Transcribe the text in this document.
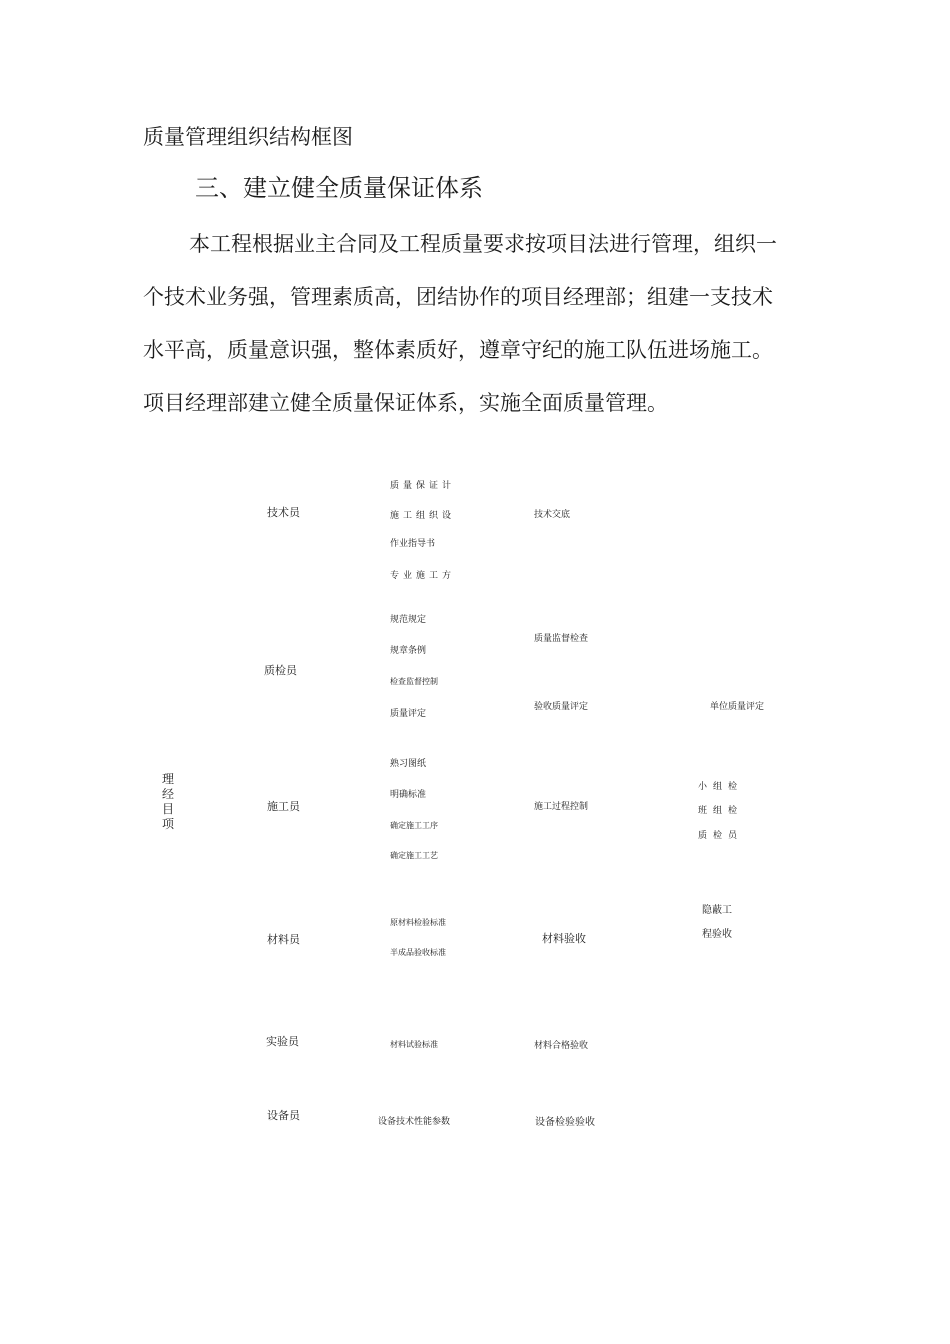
质量管理组织结构框图
三、建立健全质量保证体系

本工程根据业主合同及工程质量要求按项目法进行管理，组织一

个技术业务强，管理素质高，团结协作的项目经理部；组建一支技术

水平高，质量意识强，整体素质好，遵章守纪的施工队伍进场施工。

项目经理部建立健全质量保证体系，实施全面质量管理。

理
经
目
项
技术员
质量保证计
施工组织设
作业指导书
专业施工方
技术交底
质检员
规范规定
规章条例
检查监督控制
质量评定
质量监督检查
验收质量评定	单位质量评定
施工员
熟习图纸
明确标准
确定施工工序
确定施工工艺
施工过程控制
小组检
班组检
质检员
材料员
原材料检验标准
半成品验收标准
材料验收
隐蔽工
程验收
实验员	材料试验标准	材料合格验收
设备员	设备技术性能参数	设备检验验收
